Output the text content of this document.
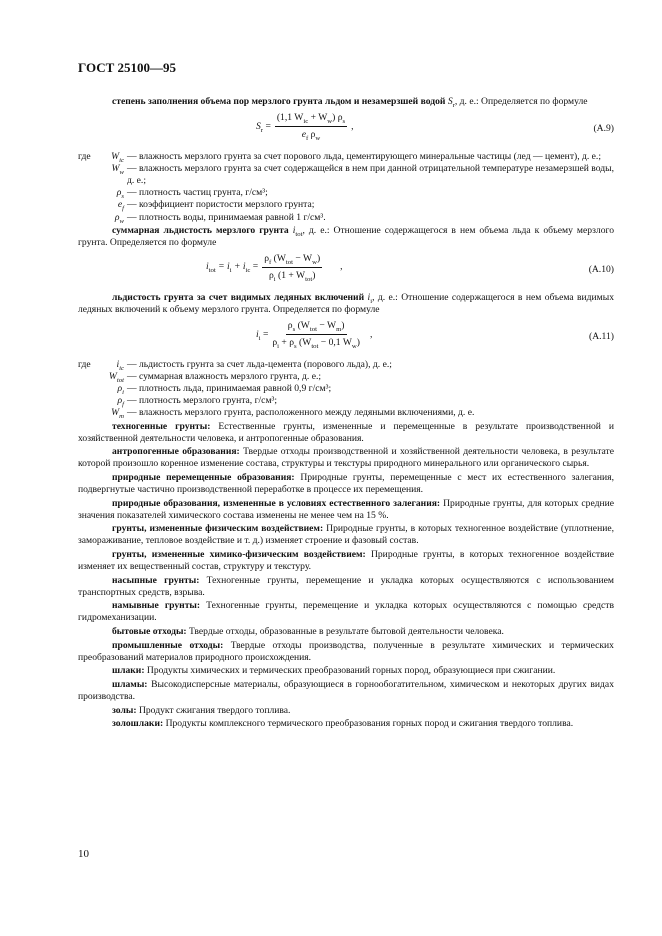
ГОСТ 25100—95

степень заполнения объема пор мерзлого грунта льдом и незамерзшей водой $S_r$, д. е.: Определяется по формуле

$S_r = \frac{(1,1 W_{ic} + W_w) \rho_s}{e_f \rho_w}$ ,	(А.9)
где	$W_{ic}$	— влажность мерзлого грунта за счет порового льда, цементирующего минеральные частицы (лед — цемент), д. е.;
	$W_w$	— влажность мерзлого грунта за счет содержащейся в нем при данной отрицательной температуре незамерзшей воды, д. е.;
	$\rho_s$	— плотность частиц грунта, г/см³;
	$e_f$	— коэффициент пористости мерзлого грунта;
	$\rho_w$	— плотность воды, принимаемая равной 1 г/см³.

суммарная льдистость мерзлого грунта $i_{tot}$, д. е.: Отношение содержащегося в нем объема льда к объему мерзлого грунта. Определяется по формуле

$i_{tot} = i_i + i_{ic} = \frac{\rho_f (W_{tot} - W_w)}{\rho_i (1 + W_{tot})}$ ,	(А.10)

льдистость грунта за счет видимых ледяных включений $i_i$, д. е.: Отношение содержащегося в нем объема видимых ледяных включений к объему мерзлого грунта. Определяется по формуле

$i_i = \frac{\rho_s (W_{tot} - W_m)}{\rho_i + \rho_s (W_{tot} - 0,1 W_w)}$ ,	(А.11)
где	$i_{ic}$	— льдистость грунта за счет льда-цемента (порового льда), д. е.;
	$W_{tot}$	— суммарная влажность мерзлого грунта, д. е.;
	$\rho_i$	— плотность льда, принимаемая равной 0,9 г/см³;
	$\rho_f$	— плотность мерзлого грунта, г/см³;
	$W_m$	— влажность мерзлого грунта, расположенного между ледяными включениями, д. е.

техногенные грунты: Естественные грунты, измененные и перемещенные в результате производственной и хозяйственной деятельности человека, и антропогенные образования.

антропогенные образования: Твердые отходы производственной и хозяйственной деятельности человека, в результате которой произошло коренное изменение состава, структуры и текстуры природного минерального или органического сырья.

природные перемещенные образования: Природные грунты, перемещенные с мест их естественного залегания, подвергнутые частично производственной переработке в процессе их перемещения.

природные образования, измененные в условиях естественного залегания: Природные грунты, для которых средние значения показателей химического состава изменены не менее чем на 15 %.

грунты, измененные физическим воздействием: Природные грунты, в которых техногенное воздействие (уплотнение, замораживание, тепловое воздействие и т. д.) изменяет строение и фазовый состав.

грунты, измененные химико-физическим воздействием: Природные грунты, в которых техногенное воздействие изменяет их вещественный состав, структуру и текстуру.

насыпные грунты: Техногенные грунты, перемещение и укладка которых осуществляются с использованием транспортных средств, взрыва.

намывные грунты: Техногенные грунты, перемещение и укладка которых осуществляются с помощью средств гидромеханизации.

бытовые отходы: Твердые отходы, образованные в результате бытовой деятельности человека.

промышленные отходы: Твердые отходы производства, полученные в результате химических и термических преобразований материалов природного происхождения.

шлаки: Продукты химических и термических преобразований горных пород, образующиеся при сжигании.

шламы: Высокодисперсные материалы, образующиеся в горнообогатительном, химическом и некоторых других видах производства.

золы: Продукт сжигания твердого топлива.

золошлаки: Продукты комплексного термического преобразования горных пород и сжигания твердого топлива.

10
